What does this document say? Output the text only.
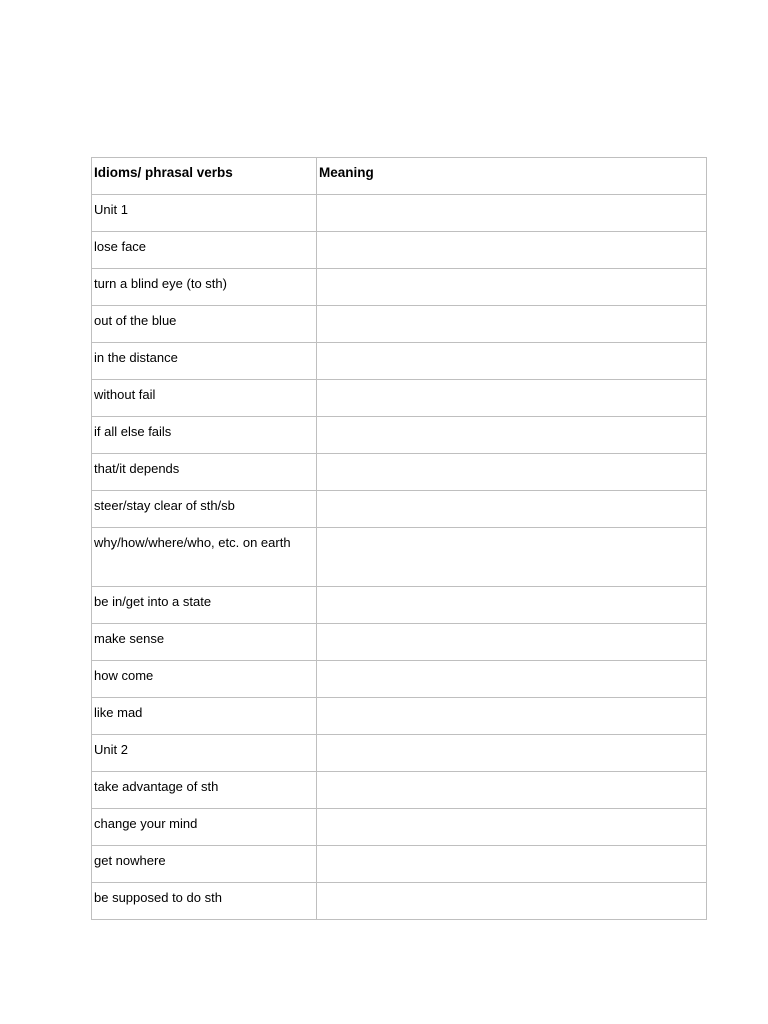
Idioms/ phrasal verbs	Meaning
Unit 1	
lose face	
turn a blind eye (to sth)	
out of the blue	
in the distance	
without fail	
if all else fails	
that/it depends	
steer/stay clear of sth/sb	
why/how/where/who, etc. on earth	
be in/get into a state	
make sense	
how come	
like mad	
Unit 2	
take advantage of sth	
change your mind	
get nowhere	
be supposed to do sth	
